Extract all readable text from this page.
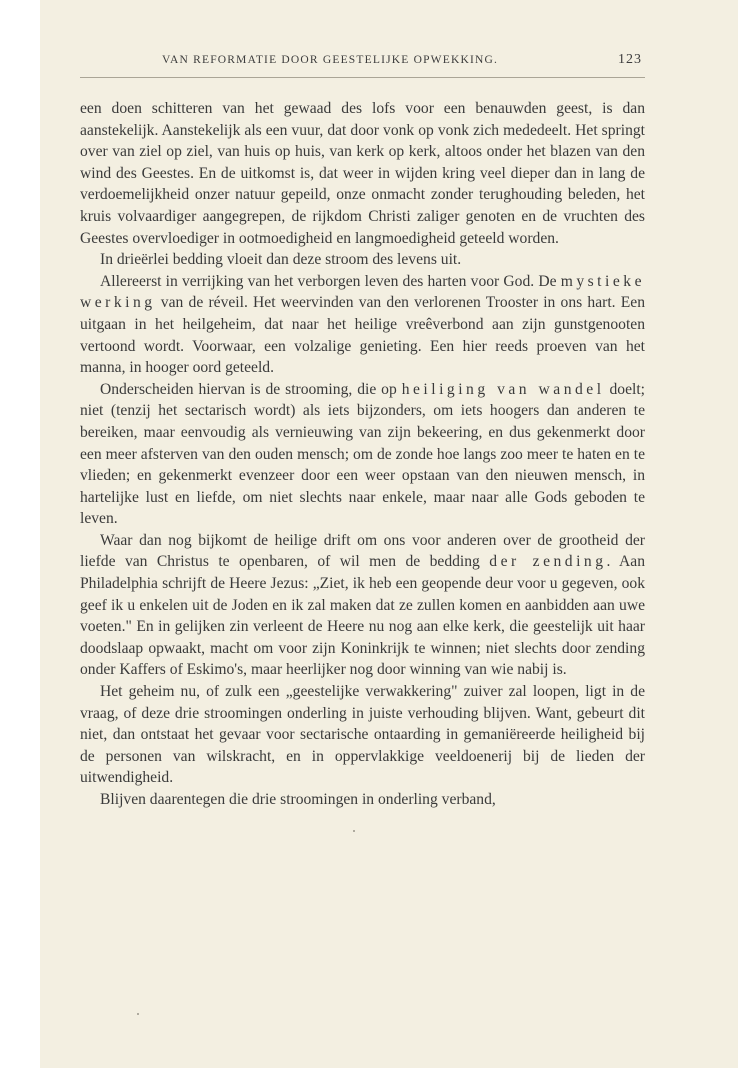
VAN REFORMATIE DOOR GEESTELIJKE OPWEKKING.	123

een doen schitteren van het gewaad des lofs voor een benauwden geest, is dan aanstekelijk. Aanstekelijk als een vuur, dat door vonk op vonk zich mededeelt. Het springt over van ziel op ziel, van huis op huis, van kerk op kerk, altoos onder het blazen van den wind des Geestes. En de uitkomst is, dat weer in wijden kring veel dieper dan in lang de verdoemelijkheid onzer natuur gepeild, onze onmacht zonder terughouding beleden, het kruis volvaardiger aangegrepen, de rijkdom Christi zaliger genoten en de vruchten des Geestes overvloediger in ootmoedigheid en langmoedigheid geteeld worden.

In drieërlei bedding vloeit dan deze stroom des levens uit.

Allereerst in verrijking van het verborgen leven des harten voor God. De mystieke werking van de réveil. Het weervinden van den verlorenen Trooster in ons hart. Een uitgaan in het heilgeheim, dat naar het heilige vreêverbond aan zijn gunstgenooten vertoond wordt. Voorwaar, een volzalige genieting. Een hier reeds proeven van het manna, in hooger oord geteeld.

Onderscheiden hiervan is de strooming, die op heiliging van wandel doelt; niet (tenzij het sectarisch wordt) als iets bijzonders, om iets hoogers dan anderen te bereiken, maar eenvoudig als vernieuwing van zijn bekeering, en dus gekenmerkt door een meer afsterven van den ouden mensch; om de zonde hoe langs zoo meer te haten en te vlieden; en gekenmerkt evenzeer door een weer opstaan van den nieuwen mensch, in hartelijke lust en liefde, om niet slechts naar enkele, maar naar alle Gods geboden te leven.

Waar dan nog bijkomt de heilige drift om ons voor anderen over de grootheid der liefde van Christus te openbaren, of wil men de bedding der zending. Aan Philadelphia schrijft de Heere Jezus: „Ziet, ik heb een geopende deur voor u gegeven, ook geef ik u enkelen uit de Joden en ik zal maken dat ze zullen komen en aanbidden aan uwe voeten." En in gelijken zin verleent de Heere nu nog aan elke kerk, die geestelijk uit haar doodslaap opwaakt, macht om voor zijn Koninkrijk te winnen; niet slechts door zending onder Kaffers of Eskimo's, maar heerlijker nog door winning van wie nabij is.

Het geheim nu, of zulk een „geestelijke verwakkering" zuiver zal loopen, ligt in de vraag, of deze drie stroomingen onderling in juiste verhouding blijven. Want, gebeurt dit niet, dan ontstaat het gevaar voor sectarische ontaarding in gemaniëreerde heiligheid bij de personen van wilskracht, en in oppervlakkige veeldoenerij bij de lieden der uitwendigheid.

Blijven daarentegen die drie stroomingen in onderling verband,
